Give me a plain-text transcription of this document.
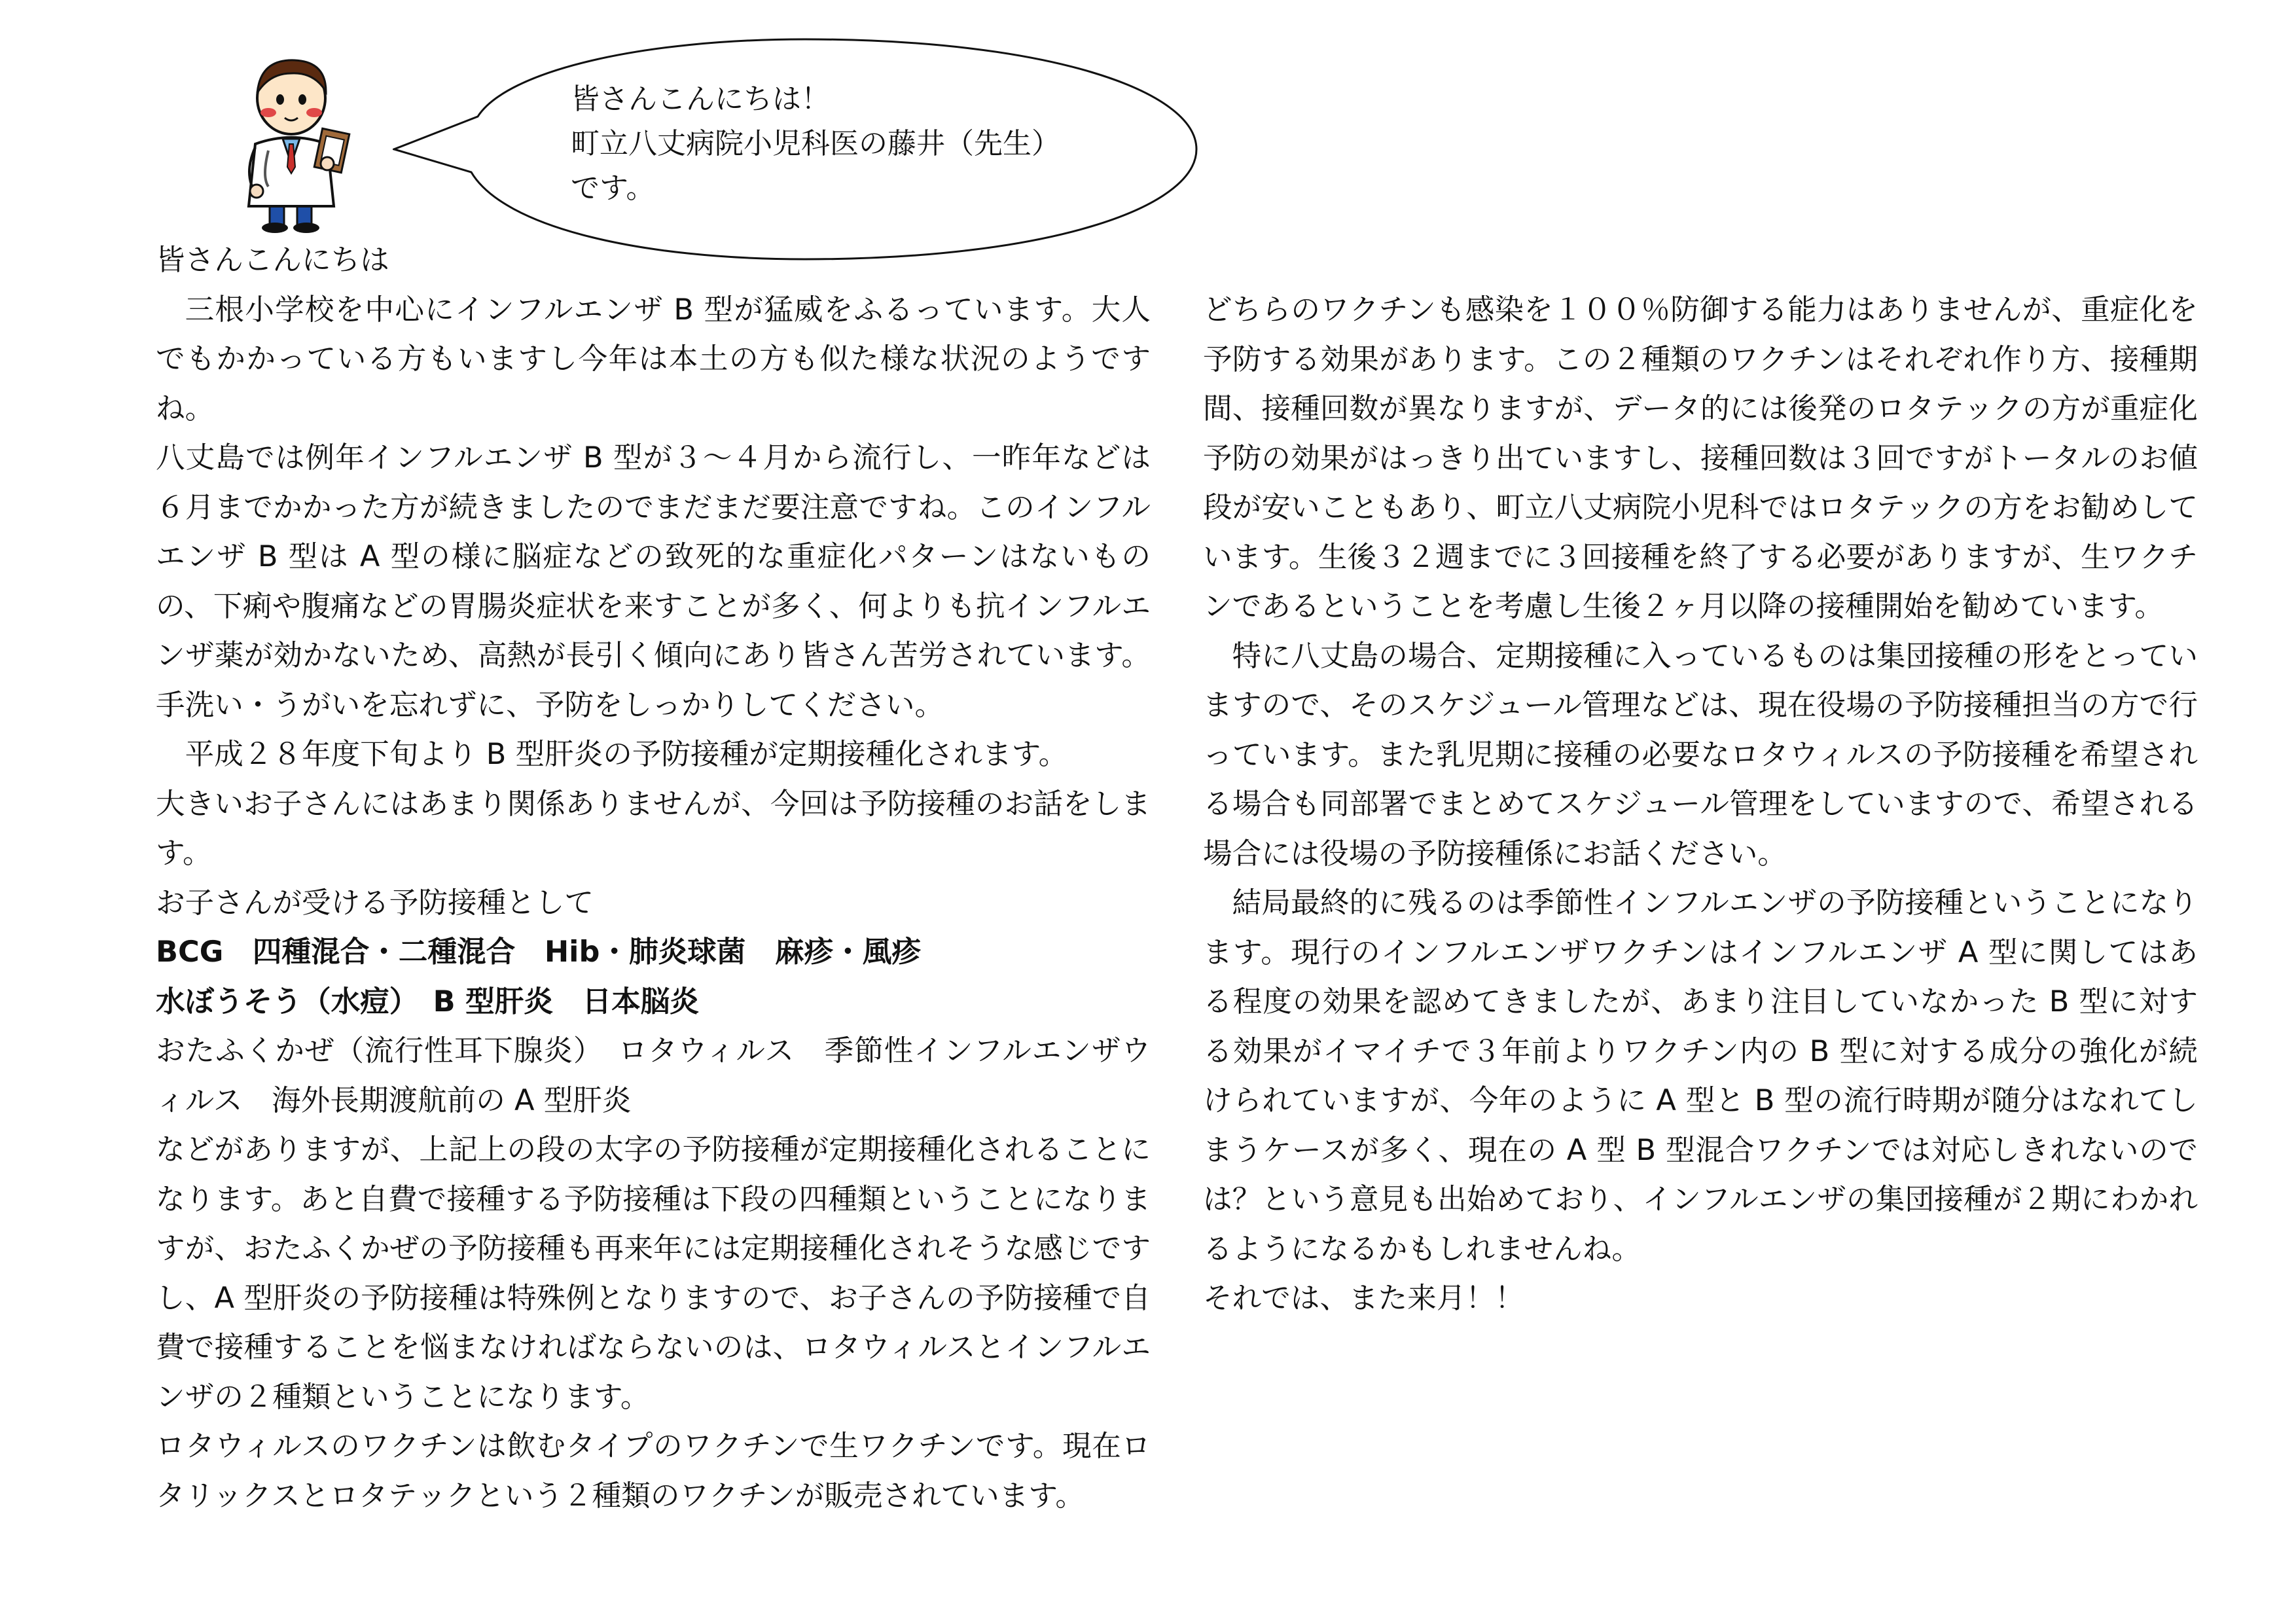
皆さんこんにちは！
町立八丈病院小児科医の藤井（先生）
です。

皆さんこんにちは

三根小学校を中心にインフルエンザ B 型が猛威をふるっています。大人でもかかっている方もいますし今年は本土の方も似た様な状況のようですね。

八丈島では例年インフルエンザ B 型が３～４月から流行し、一昨年などは６月までかかった方が続きましたのでまだまだ要注意ですね。このインフルエンザ B 型は A 型の様に脳症などの致死的な重症化パターンはないものの、下痢や腹痛などの胃腸炎症状を来すことが多く、何よりも抗インフルエンザ薬が効かないため、高熱が長引く傾向にあり皆さん苦労されています。手洗い・うがいを忘れずに、予防をしっかりしてください。

平成２８年度下旬より B 型肝炎の予防接種が定期接種化されます。

大きいお子さんにはあまり関係ありませんが、今回は予防接種のお話をします。

お子さんが受ける予防接種として

BCG　四種混合・二種混合　Hib・肺炎球菌　麻疹・風疹

水ぼうそう（水痘）　B 型肝炎　日本脳炎

おたふくかぜ（流行性耳下腺炎）　ロタウィルス　季節性インフルエンザウィルス　海外長期渡航前の A 型肝炎

などがありますが、上記上の段の太字の予防接種が定期接種化されることになります。あと自費で接種する予防接種は下段の四種類ということになりますが、おたふくかぜの予防接種も再来年には定期接種化されそうな感じですし、A 型肝炎の予防接種は特殊例となりますので、お子さんの予防接種で自費で接種することを悩まなければならないのは、ロタウィルスとインフルエンザの２種類ということになります。

ロタウィルスのワクチンは飲むタイプのワクチンで生ワクチンです。現在ロタリックスとロタテックという２種類のワクチンが販売されています。

どちらのワクチンも感染を１００％防御する能力はありませんが、重症化を予防する効果があります。この２種類のワクチンはそれぞれ作り方、接種期間、接種回数が異なりますが、データ的には後発のロタテックの方が重症化予防の効果がはっきり出ていますし、接種回数は３回ですがトータルのお値段が安いこともあり、町立八丈病院小児科ではロタテックの方をお勧めしています。生後３２週までに３回接種を終了する必要がありますが、生ワクチンであるということを考慮し生後２ヶ月以降の接種開始を勧めています。

特に八丈島の場合、定期接種に入っているものは集団接種の形をとっていますので、そのスケジュール管理などは、現在役場の予防接種担当の方で行っています。また乳児期に接種の必要なロタウィルスの予防接種を希望される場合も同部署でまとめてスケジュール管理をしていますので、希望される場合には役場の予防接種係にお話ください。

結局最終的に残るのは季節性インフルエンザの予防接種ということになります。現行のインフルエンザワクチンはインフルエンザ A 型に関してはある程度の効果を認めてきましたが、あまり注目していなかった B 型に対する効果がイマイチで３年前よりワクチン内の B 型に対する成分の強化が続けられていますが、今年のように A 型と B 型の流行時期が随分はなれてしまうケースが多く、現在の A 型 B 型混合ワクチンでは対応しきれないのでは？という意見も出始めており、インフルエンザの集団接種が２期にわかれるようになるかもしれませんね。

それでは、また来月！！
